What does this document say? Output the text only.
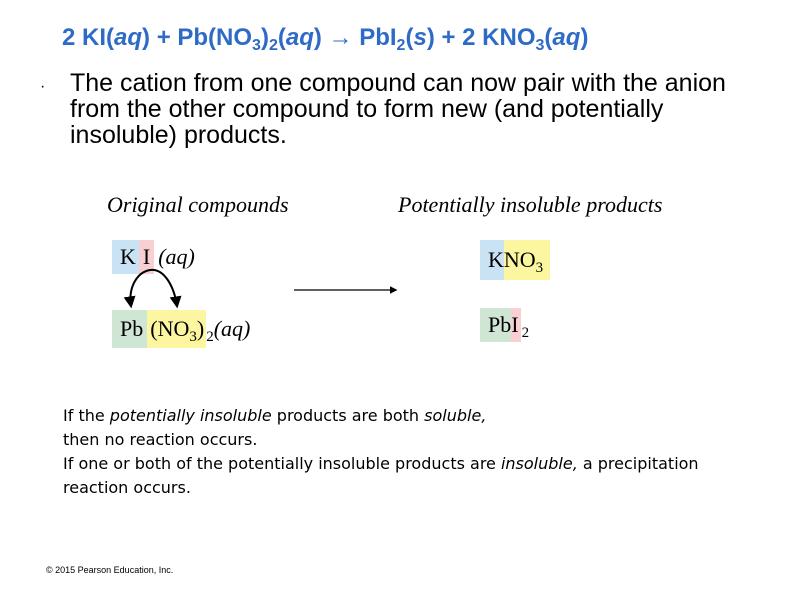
2 $KI(aq) + Pb(NO_3)_2(aq) \to PbI_2(s) + 2$ $KNO_3(aq)$
· The cation from one compound can now pair with the anion from the other compound to form new (and potentially insoluble) products.
Original compounds	Potentially insoluble products
K I (aq)
Pb $(NO_3)$ $_2$(aq)
$KNO_3$
PbI $_2$
If the potentially insoluble products are both soluble,
then no reaction occurs.
If one or both of the potentially insoluble products are insoluble, a precipitation
reaction occurs.
© 2015 Pearson Education, Inc.
